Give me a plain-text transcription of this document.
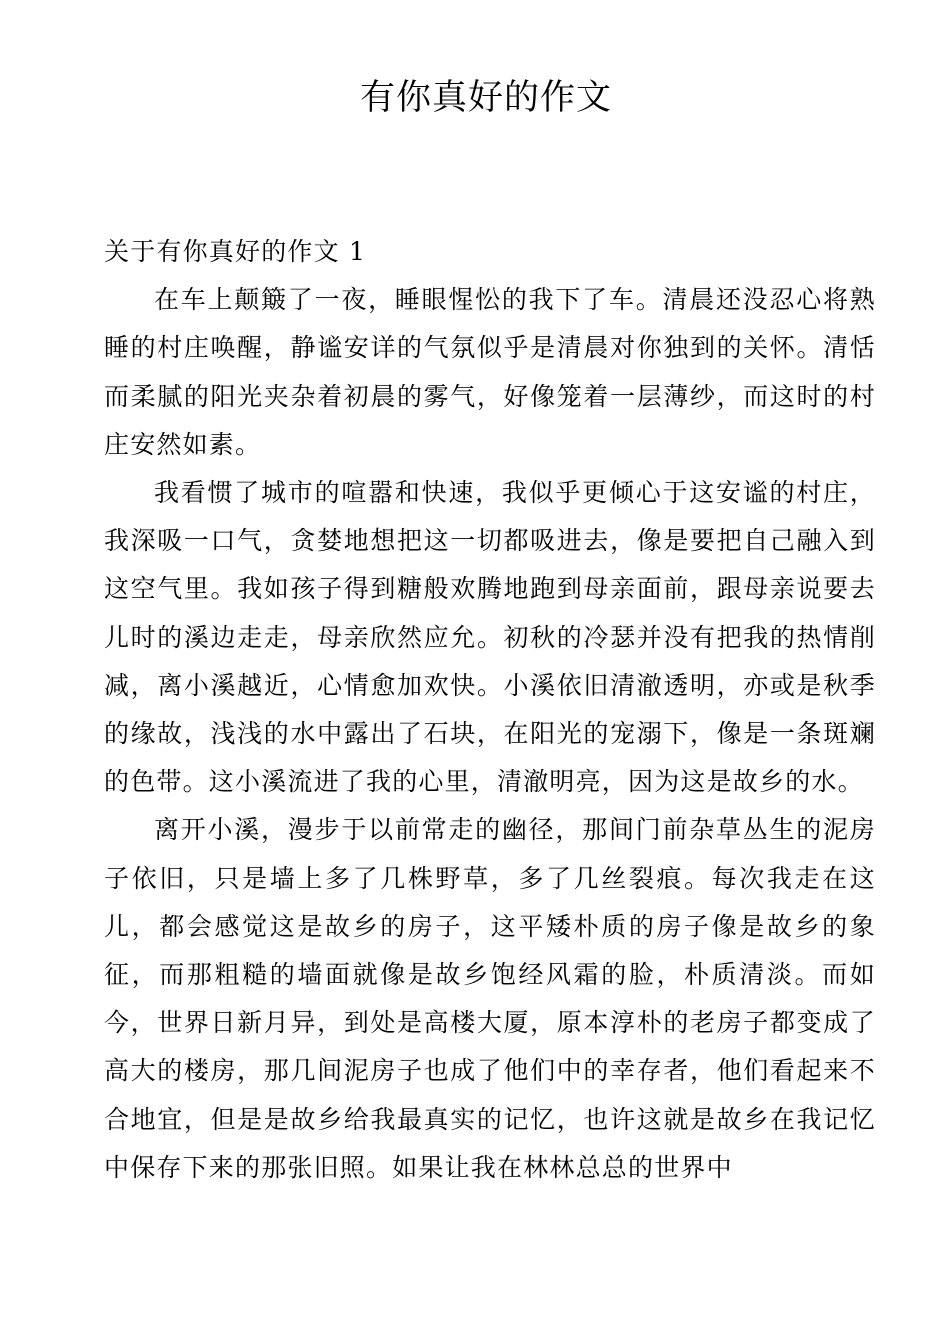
有你真好的作文
关于有你真好的作文 1

在车上颠簸了一夜，睡眼惺忪的我下了车。清晨还没忍心将熟睡的村庄唤醒，静谧安详的气氛似乎是清晨对你独到的关怀。清恬而柔腻的阳光夹杂着初晨的雾气，好像笼着一层薄纱，而这时的村庄安然如素。

我看惯了城市的喧嚣和快速，我似乎更倾心于这安谧的村庄，我深吸一口气，贪婪地想把这一切都吸进去，像是要把自己融入到这空气里。我如孩子得到糖般欢腾地跑到母亲面前，跟母亲说要去儿时的溪边走走，母亲欣然应允。初秋的冷瑟并没有把我的热情削减，离小溪越近，心情愈加欢快。小溪依旧清澈透明，亦或是秋季的缘故，浅浅的水中露出了石块，在阳光的宠溺下，像是一条斑斓的色带。这小溪流进了我的心里，清澈明亮，因为这是故乡的水。

离开小溪，漫步于以前常走的幽径，那间门前杂草丛生的泥房子依旧，只是墙上多了几株野草，多了几丝裂痕。每次我走在这儿，都会感觉这是故乡的房子，这平矮朴质的房子像是故乡的象征，而那粗糙的墙面就像是故乡饱经风霜的脸，朴质清淡。而如今，世界日新月异，到处是高楼大厦，原本淳朴的老房子都变成了高大的楼房，那几间泥房子也成了他们中的幸存者，他们看起来不合地宜，但是是故乡给我最真实的记忆，也许这就是故乡在我记忆中保存下来的那张旧照。如果让我在林林总总的世界中
